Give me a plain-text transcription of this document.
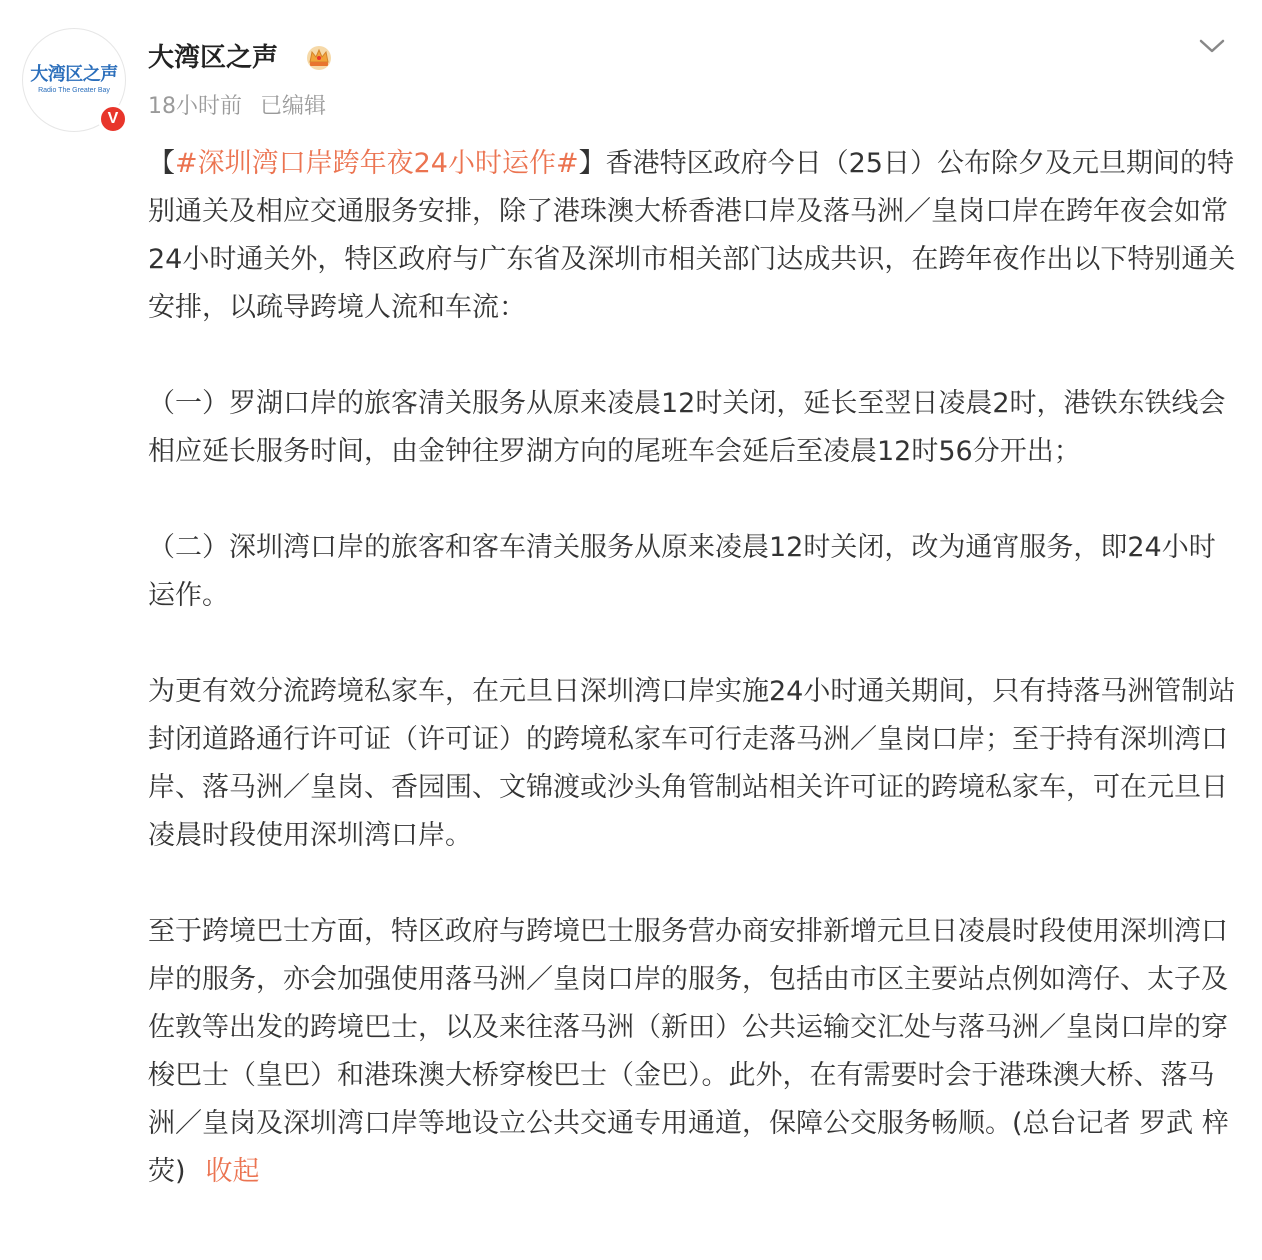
大湾区之声
Radio The Greater Bay
V
大湾区之声
18小时前 已编辑

【#深圳湾口岸跨年夜24小时运作#】香港特区政府今日（25日）公布除夕及元旦期间的特别通关及相应交通服务安排，除了港珠澳大桥香港口岸及落马洲／皇岗口岸在跨年夜会如常24小时通关外，特区政府与广东省及深圳市相关部门达成共识，在跨年夜作出以下特别通关安排，以疏导跨境人流和车流：

（一）罗湖口岸的旅客清关服务从原来凌晨12时关闭，延长至翌日凌晨2时，港铁东铁线会相应延长服务时间，由金钟往罗湖方向的尾班车会延后至凌晨12时56分开出；

（二）深圳湾口岸的旅客和客车清关服务从原来凌晨12时关闭，改为通宵服务，即24小时运作。

为更有效分流跨境私家车，在元旦日深圳湾口岸实施24小时通关期间，只有持落马洲管制站封闭道路通行许可证（许可证）的跨境私家车可行走落马洲／皇岗口岸；至于持有深圳湾口岸、落马洲／皇岗、香园围、文锦渡或沙头角管制站相关许可证的跨境私家车，可在元旦日凌晨时段使用深圳湾口岸。

至于跨境巴士方面，特区政府与跨境巴士服务营办商安排新增元旦日凌晨时段使用深圳湾口岸的服务，亦会加强使用落马洲／皇岗口岸的服务，包括由市区主要站点例如湾仔、太子及佐敦等出发的跨境巴士，以及来往落马洲（新田）公共运输交汇处与落马洲／皇岗口岸的穿梭巴士（皇巴）和港珠澳大桥穿梭巴士（金巴）。此外，在有需要时会于港珠澳大桥、落马洲／皇岗及深圳湾口岸等地设立公共交通专用通道，保障公交服务畅顺。(总台记者 罗武 梓荧) 收起
